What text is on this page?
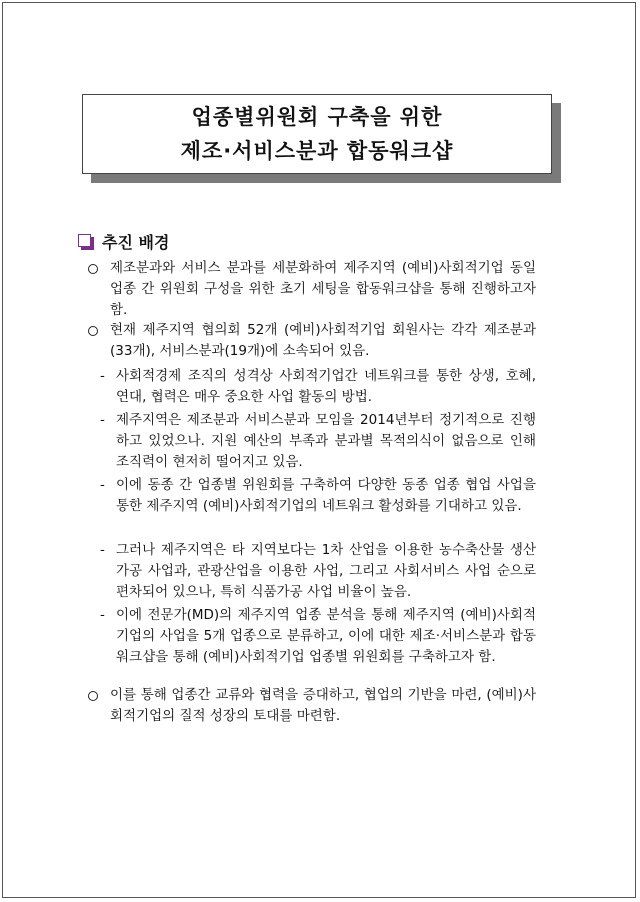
업종별위원회 구축을 위한
제조·서비스분과 합동워크샵
추진 배경
제조분과와 서비스 분과를 세분화하여 제주지역 (예비)사회적기업 동일 업종 간 위원회 구성을 위한 초기 세팅을 합동워크샵을 통해 진행하고자 함.
현재 제주지역 협의회 52개 (예비)사회적기업 회원사는 각각 제조분과(33개), 서비스분과(19개)에 소속되어 있음.
- 사회적경제 조직의 성격상 사회적기업간 네트워크를 통한 상생, 호혜, 연대, 협력은 매우 중요한 사업 활동의 방법.
- 제주지역은 제조분과 서비스분과 모임을 2014년부터 정기적으로 진행하고 있었으나. 지원 예산의 부족과 분과별 목적의식이 없음으로 인해 조직력이 현저히 떨어지고 있음.
- 이에 동종 간 업종별 위원회를 구축하여 다양한 동종 업종 협업 사업을 통한 제주지역 (예비)사회적기업의 네트워크 활성화를 기대하고 있음.
- 그러나 제주지역은 타 지역보다는 1차 산업을 이용한 농수축산물 생산 가공 사업과, 관광산업을 이용한 사업, 그리고 사회서비스 사업 순으로 편차되어 있으나, 특히 식품가공 사업 비율이 높음.
- 이에 전문가(MD)의 제주지역 업종 분석을 통해 제주지역 (예비)사회적기업의 사업을 5개 업종으로 분류하고, 이에 대한 제조·서비스분과 합동 워크샵을 통해 (예비)사회적기업 업종별 위원회를 구축하고자 함.
이를 통해 업종간 교류와 협력을 증대하고, 협업의 기반을 마련, (예비)사회적기업의 질적 성장의 토대를 마련함.
